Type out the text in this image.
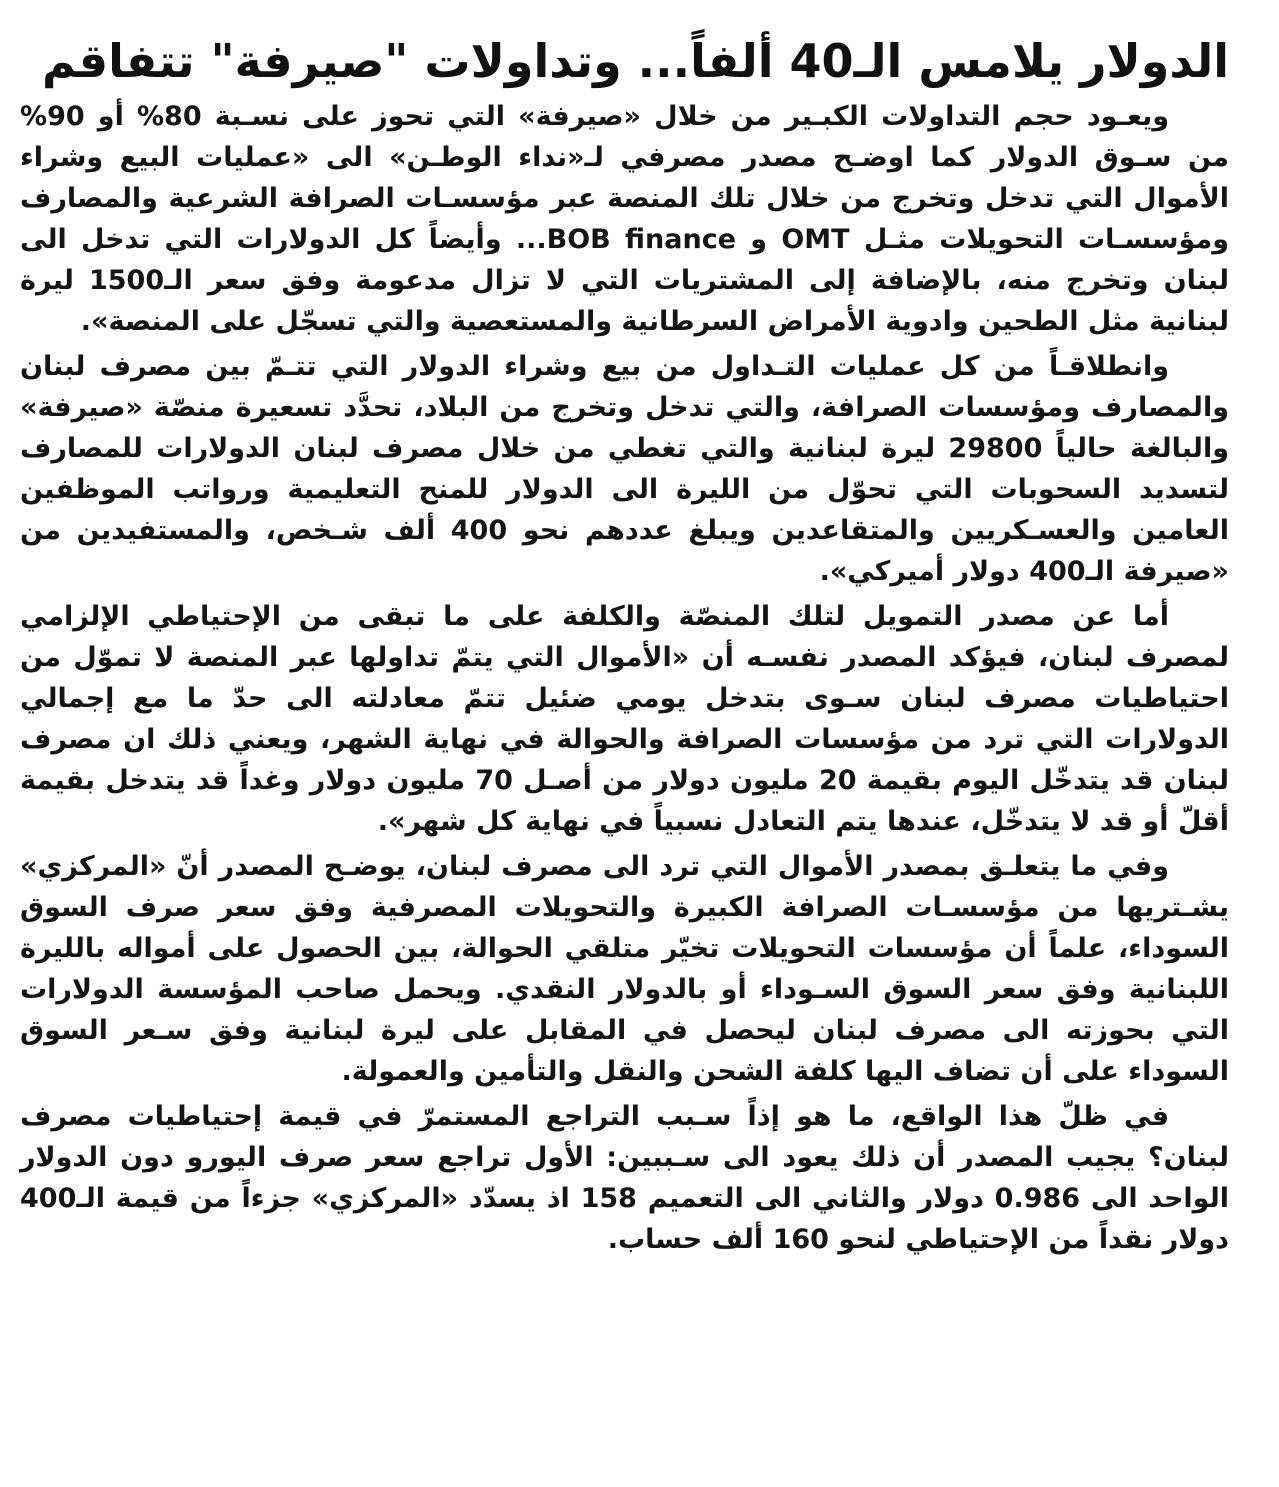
الدولار يلامس الـ40 ألفاً... وتداولات "صيرفة" تتفاقم

ويعـود حجم التداولات الكبـير من خلال «صيرفة» التي تحوز على نسـبة 80% أو 90% من سـوق الدولار كما اوضـح مصدر مصرفي لـ«نداء الوطـن» الى «عمليات البيع وشراء الأموال التي تدخل وتخرج من خلال تلك المنصة عبر مؤسسـات الصرافة الشرعية والمصارف ومؤسسـات التحويلات مثـل OMT و BOB finance... وأيضاً كل الدولارات التي تدخل الى لبنان وتخرج منه، بالإضافة إلى المشتريات التي لا تزال مدعومة وفق سعر الـ1500 ليرة لبنانية مثل الطحين وادوية الأمراض السرطانية والمستعصية والتي تسجّل على المنصة».

وانطلاقـاً من كل عمليات التـداول من بيع وشراء الدولار التي تتـمّ بين مصرف لبنان والمصارف ومؤسسات الصرافة، والتي تدخل وتخرج من البلاد، تحدَّد تسعيرة منصّة «صيرفة» والبالغة حالياً 29800 ليرة لبنانية والتي تغطي من خلال مصرف لبنان الدولارات للمصارف لتسديد السحوبات التي تحوّل من الليرة الى الدولار للمنح التعليمية ورواتب الموظفين العامين والعسـكريين والمتقاعدين ويبلغ عددهم نحو 400 ألف شـخص، والمستفيدين من «صيرفة الـ400 دولار أميركي».

أما عن مصدر التمويل لتلك المنصّة والكلفة على ما تبقى من الإحتياطي الإلزامي لمصرف لبنان، فيؤكد المصدر نفسـه أن «الأموال التي يتمّ تداولها عبر المنصة لا تموّل من احتياطيات مصرف لبنان سـوى بتدخل يومي ضئيل تتمّ معادلته الى حدّ ما مع إجمالي الدولارات التي ترد من مؤسسات الصرافة والحوالة في نهاية الشهر، ويعني ذلك ان مصرف لبنان قد يتدخّل اليوم بقيمة 20 مليون دولار من أصـل 70 مليون دولار وغداً قد يتدخل بقيمة أقلّ أو قد لا يتدخّل، عندها يتم التعادل نسبياً في نهاية كل شهر».

وفي ما يتعلـق بمصدر الأموال التي ترد الى مصرف لبنان، يوضـح المصدر أنّ «المركزي» يشـتريها من مؤسسـات الصرافة الكبيرة والتحويلات المصرفية وفق سعر صرف السوق السوداء، علماً أن مؤسسات التحويلات تخيّر متلقي الحوالة، بين الحصول على أمواله بالليرة اللبنانية وفق سعر السوق السـوداء أو بالدولار النقدي. ويحمل صاحب المؤسسة الدولارات التي بحوزته الى مصرف لبنان ليحصل في المقابل على ليرة لبنانية وفق سـعر السوق السوداء على أن تضاف اليها كلفة الشحن والنقل والتأمين والعمولة.

في ظلّ هذا الواقع، ما هو إذاً سـبب التراجع المستمرّ في قيمة إحتياطيات مصرف لبنان؟ يجيب المصدر أن ذلك يعود الى سـببين: الأول تراجع سعر صرف اليورو دون الدولار الواحد الى 0.986 دولار والثاني الى التعميم 158 اذ يسدّد «المركزي» جزءاً من قيمة الـ400 دولار نقداً من الإحتياطي لنحو 160 ألف حساب.
